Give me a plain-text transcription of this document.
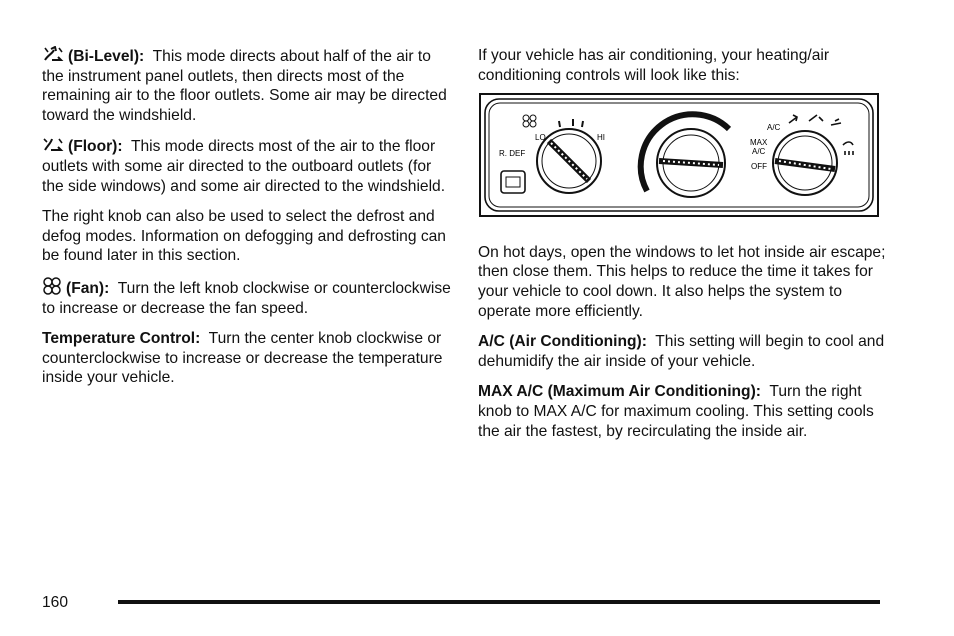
(Bi-Level): This mode directs about half of the air to the instrument panel outlets, then directs most of the remaining air to the floor outlets. Some air may be directed toward the windshield.

(Floor): This mode directs most of the air to the floor outlets with some air directed to the outboard outlets (for the side windows) and some air directed to the windshield.

The right knob can also be used to select the defrost and defog modes. Information on defogging and defrosting can be found later in this section.

(Fan): Turn the left knob clockwise or counterclockwise to increase or decrease the fan speed.

Temperature Control: Turn the center knob clockwise or counterclockwise to increase or decrease the temperature inside your vehicle.

If your vehicle has air conditioning, your heating/air conditioning controls will look like this:

LO	HI
R. DEF
A/C
MAX
A/C
OFF

On hot days, open the windows to let hot inside air escape; then close them. This helps to reduce the time it takes for your vehicle to cool down. It also helps the system to operate more efficiently.

A/C (Air Conditioning): This setting will begin to cool and dehumidify the air inside of your vehicle.

MAX A/C (Maximum Air Conditioning): Turn the right knob to MAX A/C for maximum cooling. This setting cools the air the fastest, by recirculating the inside air.

160
